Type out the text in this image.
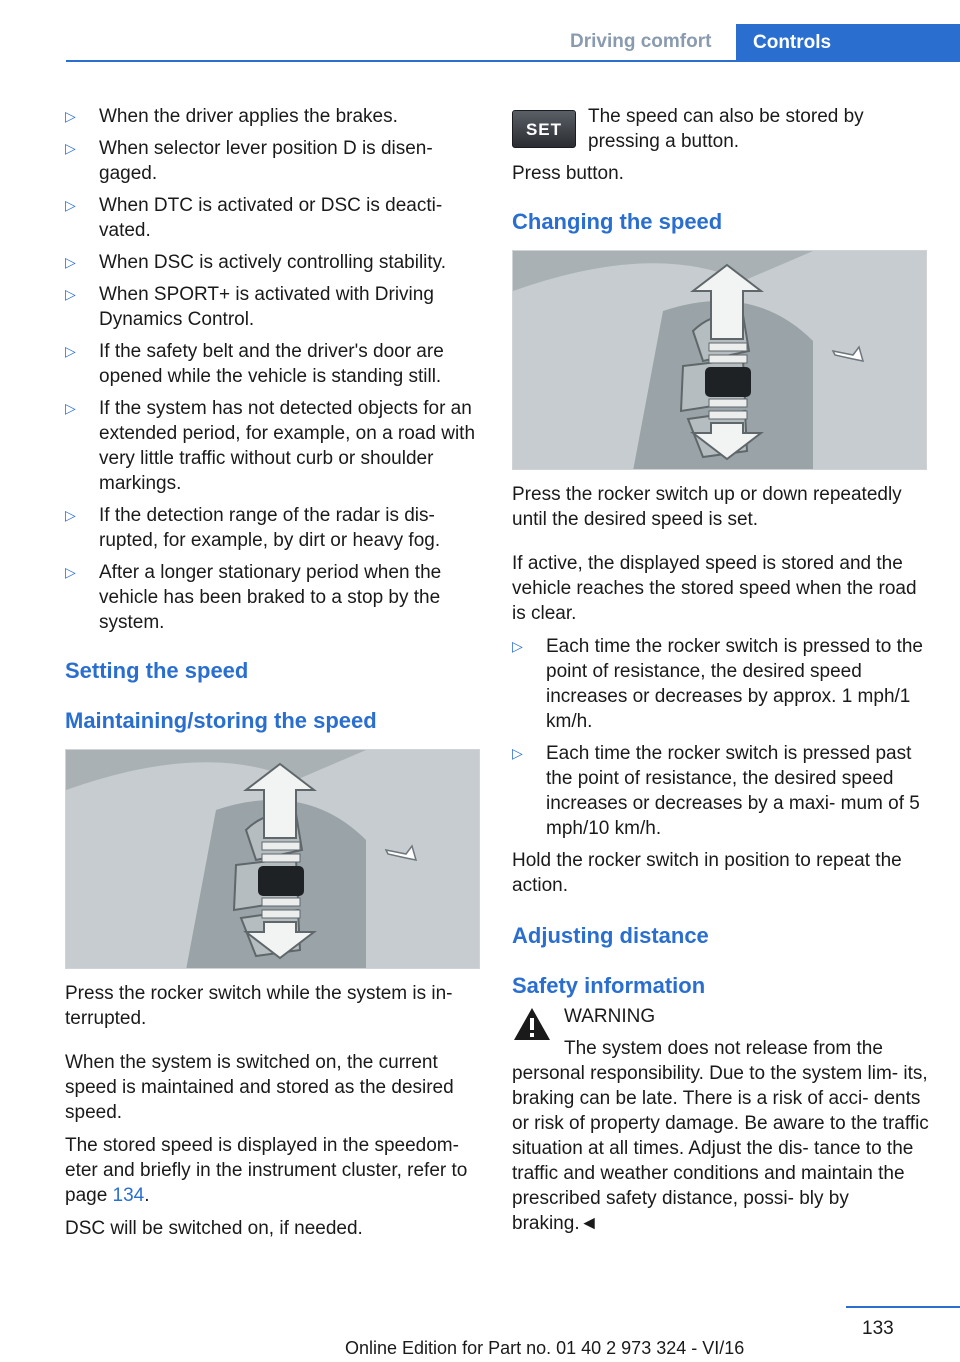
Driving comfort	Controls
▷	When the driver applies the brakes.
▷	When selector lever position D is disen‐ gaged.
▷	When DTC is activated or DSC is deacti‐ vated.
▷	When DSC is actively controlling stability.
▷	When SPORT+ is activated with Driving Dynamics Control.
▷	If the safety belt and the driver's door are opened while the vehicle is standing still.
▷	If the system has not detected objects for an extended period, for example, on a road with very little traffic without curb or shoulder markings.
▷	If the detection range of the radar is dis‐ rupted, for example, by dirt or heavy fog.
▷	After a longer stationary period when the vehicle has been braked to a stop by the system.
Setting the speed
Maintaining/storing the speed

Press the rocker switch while the system is in‐ terrupted.

When the system is switched on, the current speed is maintained and stored as the desired speed.

The stored speed is displayed in the speedom‐ eter and briefly in the instrument cluster, refer to page 134.

DSC will be switched on, if needed.

SET
The speed can also be stored by pressing a button.

Press button.

Changing the speed

Press the rocker switch up or down repeatedly until the desired speed is set.

If active, the displayed speed is stored and the vehicle reaches the stored speed when the road is clear.

▷	Each time the rocker switch is pressed to the point of resistance, the desired speed increases or decreases by approx. 1 mph/1 km/h.
▷	Each time the rocker switch is pressed past the point of resistance, the desired speed increases or decreases by a maxi‐ mum of 5 mph/10 km/h.

Hold the rocker switch in position to repeat the action.

Adjusting distance
Safety information
WARNING

The system does not release from the personal responsibility. Due to the system lim‐ its, braking can be late. There is a risk of acci‐ dents or risk of property damage. Be aware to the traffic situation at all times. Adjust the dis‐ tance to the traffic and weather conditions and maintain the prescribed safety distance, possi‐ bly by braking.◄

133
Online Edition for Part no. 01 40 2 973 324 - VI/16
